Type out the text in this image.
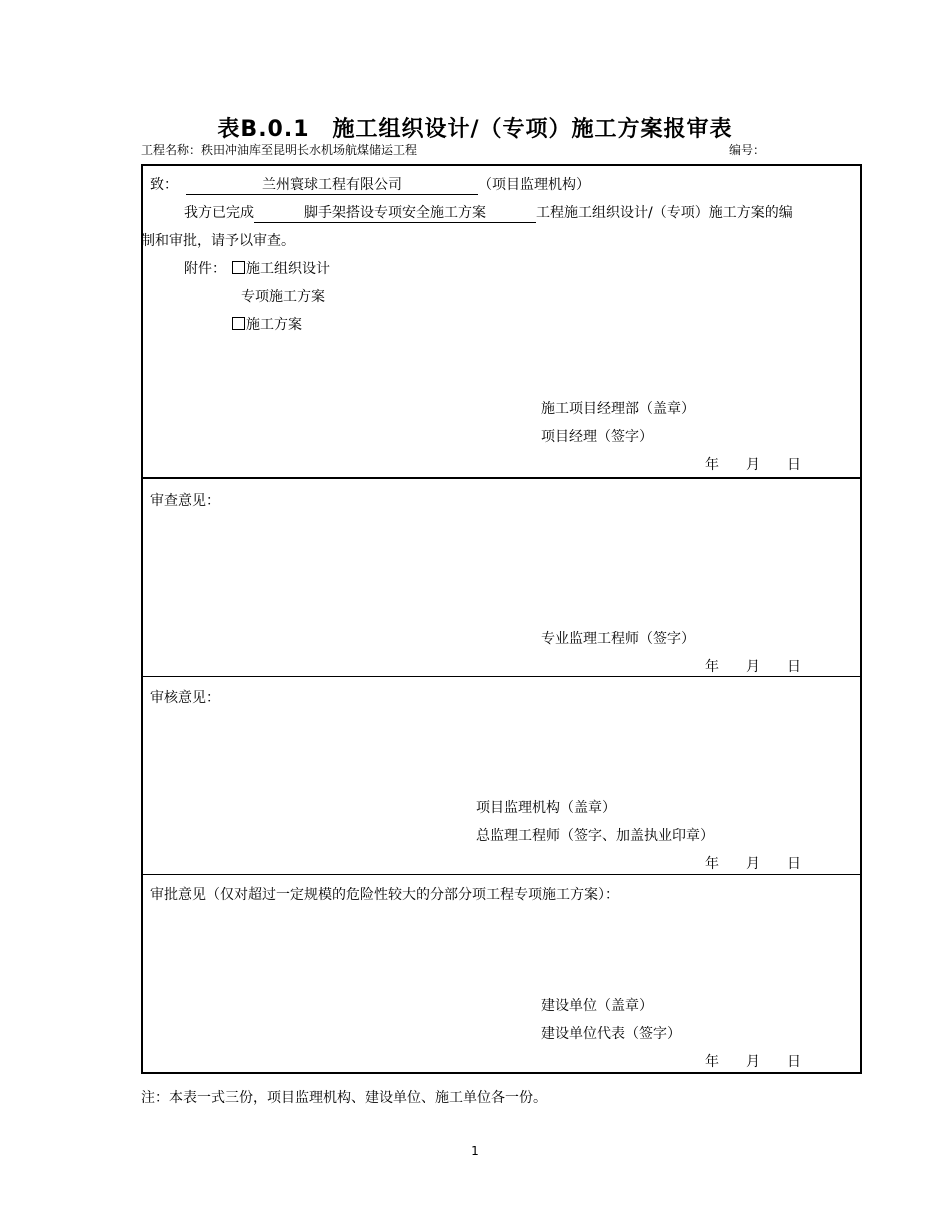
表B.0.1　施工组织设计/（专项）施工方案报审表
工程名称：秩田冲油库至昆明长水机场航煤储运工程	编号：
致：	兰州寰球工程有限公司	（项目监理机构）
我方已完成	脚手架搭设专项安全施工方案	工程施工组织设计/（专项）施工方案的编
制和审批，请予以审查。
附件：	施工组织设计
专项施工方案
施工方案
施工项目经理部（盖章）
项目经理（签字）
年 月 日
审查意见：
专业监理工程师（签字）
年 月 日
审核意见：
项目监理机构（盖章）
总监理工程师（签字、加盖执业印章）
年 月 日
审批意见（仅对超过一定规模的危险性较大的分部分项工程专项施工方案）：
建设单位（盖章）
建设单位代表（签字）
年 月 日
注：本表一式三份，项目监理机构、建设单位、施工单位各一份。
1
